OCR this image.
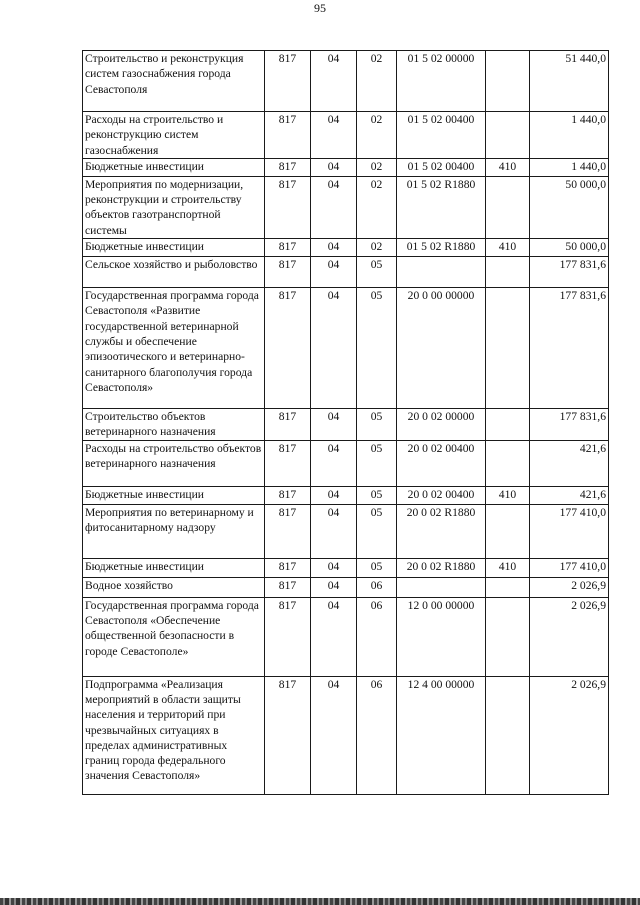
95
Строительство и реконструкция систем газоснабжения города Севастополя	817	04	02	01 5 02 00000		51 440,0
Расходы на строительство и реконструкцию систем газоснабжения	817	04	02	01 5 02 00400		1 440,0
Бюджетные инвестиции	817	04	02	01 5 02 00400	410	1 440,0
Мероприятия по модернизации, реконструкции и строительству объектов газотранспортной системы	817	04	02	01 5 02 R1880		50 000,0
Бюджетные инвестиции	817	04	02	01 5 02 R1880	410	50 000,0
Сельское хозяйство и рыболовство	817	04	05			177 831,6
Государственная программа города Севастополя «Развитие государственной ветеринарной службы и обеспечение эпизоотического и ветеринарно-санитарного благополучия города Севастополя»	817	04	05	20 0 00 00000		177 831,6
Строительство объектов ветеринарного назначения	817	04	05	20 0 02 00000		177 831,6
Расходы на строительство объектов ветеринарного назначения	817	04	05	20 0 02 00400		421,6
Бюджетные инвестиции	817	04	05	20 0 02 00400	410	421,6
Мероприятия по ветеринарному и фитосанитарному надзору	817	04	05	20 0 02 R1880		177 410,0
Бюджетные инвестиции	817	04	05	20 0 02 R1880	410	177 410,0
Водное хозяйство	817	04	06			2 026,9
Государственная программа города Севастополя «Обеспечение общественной безопасности в городе Севастополе»	817	04	06	12 0 00 00000		2 026,9
Подпрограмма «Реализация мероприятий в области защиты населения и территорий при чрезвычайных ситуациях в пределах административных границ города федерального значения Севастополя»	817	04	06	12 4 00 00000		2 026,9
